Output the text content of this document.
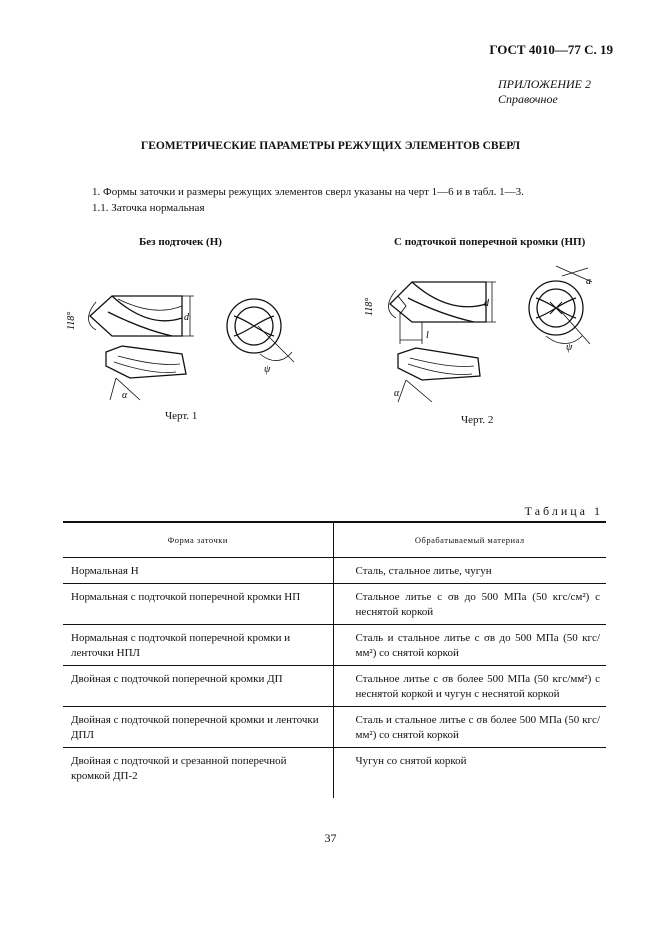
ГОСТ 4010—77 С. 19
ПРИЛОЖЕНИЕ 2
Справочное
ГЕОМЕТРИЧЕСКИЕ ПАРАМЕТРЫ РЕЖУЩИХ ЭЛЕМЕНТОВ СВЕРЛ
1. Формы заточки и размеры режущих элементов сверл указаны на черт 1—6 и в табл. 1—3.
1.1. Заточка нормальная
Без подточек (Н)
118°	d
α
ψ
Черт. 1
С подточкой поперечной кромки (НП)
118°	d
l
a
α
ψ
Черт. 2
Таблица 1
Форма заточки	Обрабатываемый материал
Нормальная Н	Сталь, стальное литье, чугун
Нормальная с подточкой поперечной кромки НП	Стальное литье с σв до 500 МПа (50 кгс/см²) с неснятой коркой
Нормальная с подточкой поперечной кромки и ленточки НПЛ	Сталь и стальное литье с σв до 500 МПа (50 кгс/мм²) со снятой коркой
Двойная с подточкой поперечной кромки ДП	Стальное литье с σв более 500 МПа (50 кгс/мм²) с неснятой коркой и чугун с неснятой коркой
Двойная с подточкой поперечной кромки и ленточки ДПЛ	Сталь и стальное литье с σв более 500 МПа (50 кгс/мм²) со снятой коркой
Двойная с подточкой и срезанной поперечной кромкой ДП-2	Чугун со снятой коркой
37
